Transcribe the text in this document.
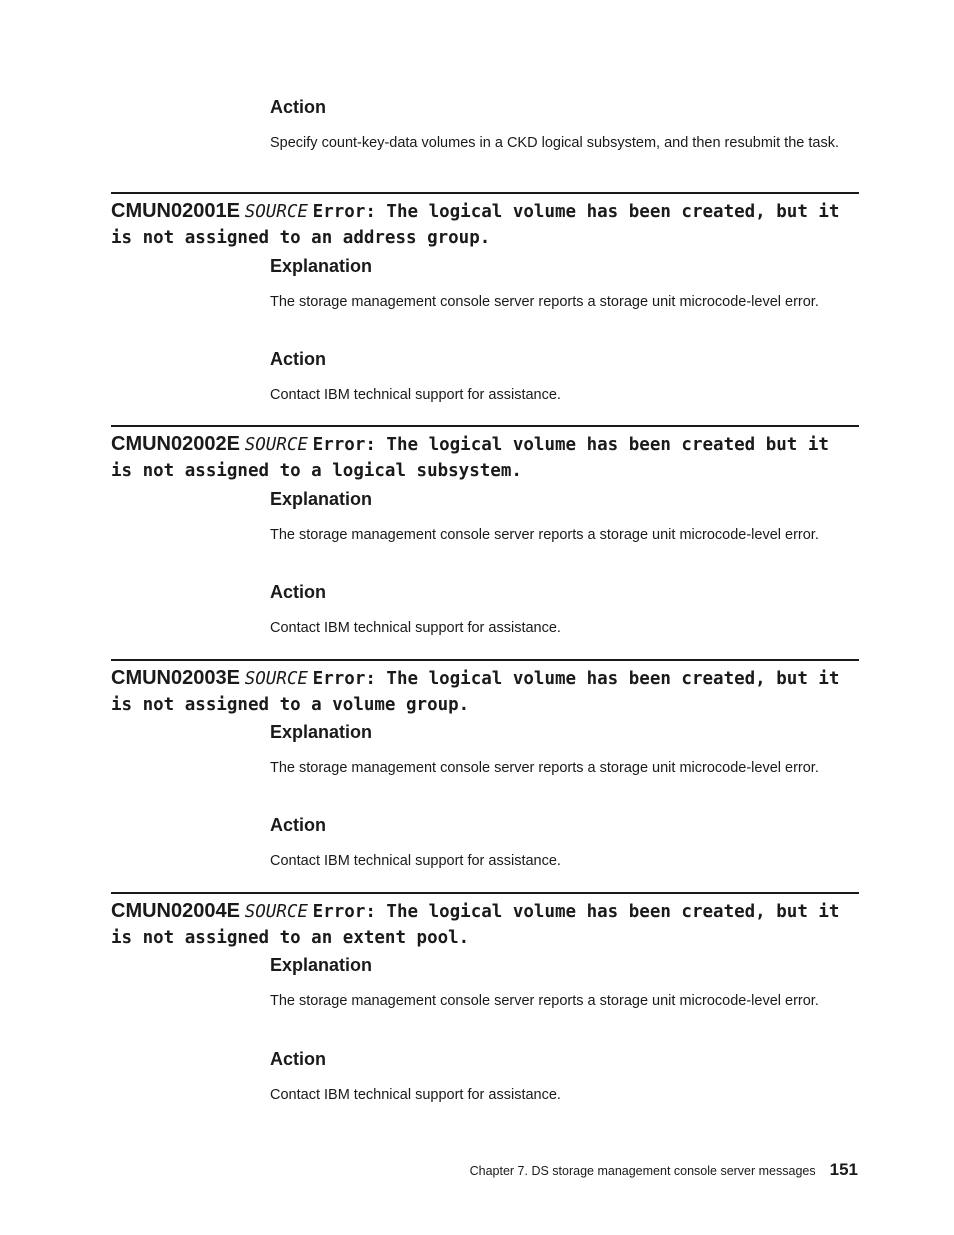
Action

Specify count-key-data volumes in a CKD logical subsystem, and then resubmit the task.

CMUN02001E SOURCE Error: The logical volume has been created, but it is not assigned to an address group.

Explanation

The storage management console server reports a storage unit microcode-level error.

Action

Contact IBM technical support for assistance.

CMUN02002E SOURCE Error: The logical volume has been created but it is not assigned to a logical subsystem.

Explanation

The storage management console server reports a storage unit microcode-level error.

Action

Contact IBM technical support for assistance.

CMUN02003E SOURCE Error: The logical volume has been created, but it is not assigned to a volume group.

Explanation

The storage management console server reports a storage unit microcode-level error.

Action

Contact IBM technical support for assistance.

CMUN02004E SOURCE Error: The logical volume has been created, but it is not assigned to an extent pool.

Explanation

The storage management console server reports a storage unit microcode-level error.

Action

Contact IBM technical support for assistance.

Chapter 7. DS storage management console server messages 151
